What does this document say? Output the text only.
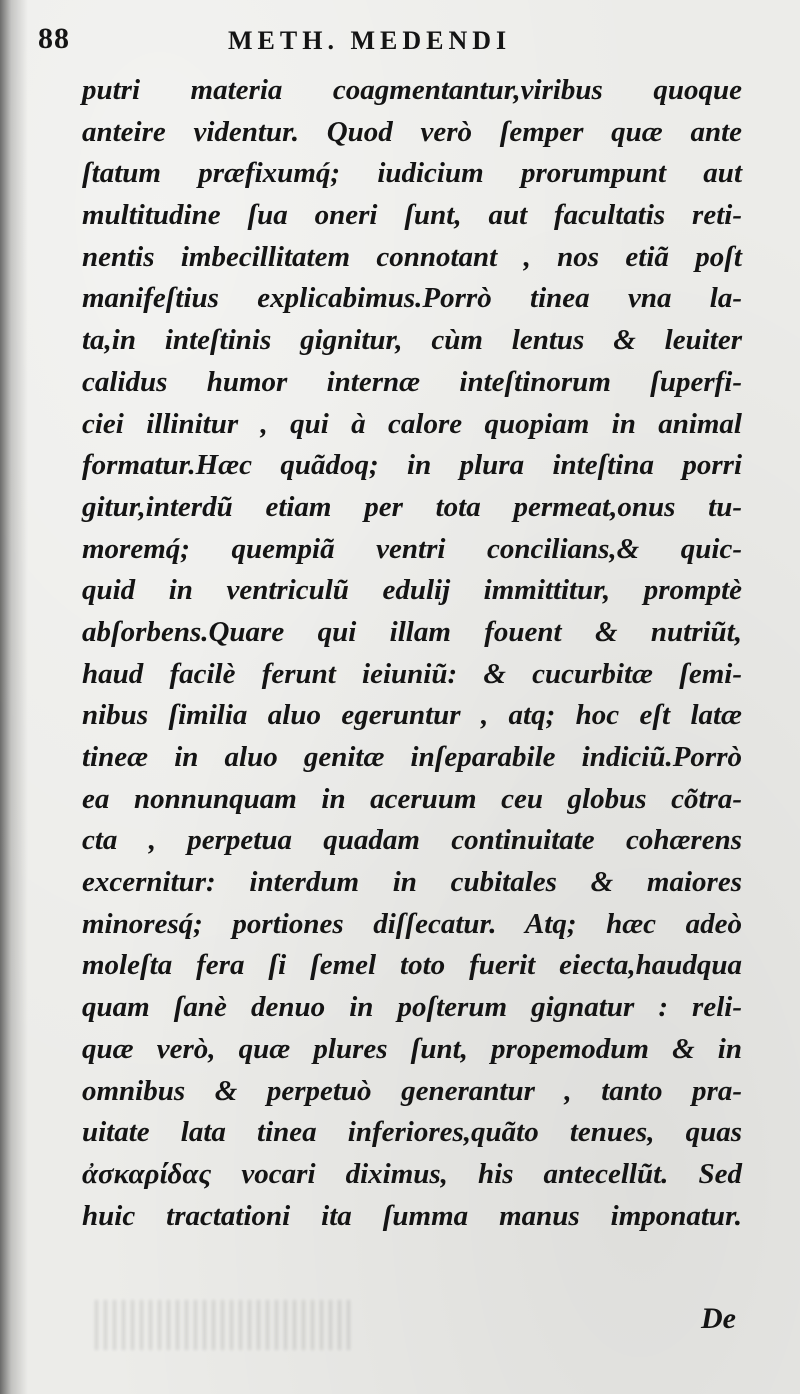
88	METH. MEDENDI
putri materia coagmentantur,viribus quoque
anteire videntur. Quod verò ſemper quæ ante
ſtatum præfixumq́; iudicium prorumpunt aut
multitudine ſua oneri ſunt, aut facultatis reti-
nentis imbecillitatem connotant , nos etiã poſt
manifeſtius explicabimus.Porrò tinea vna la-
ta,in inteſtinis gignitur, cùm lentus & leuiter
calidus humor internæ inteſtinorum ſuperfi-
ciei illinitur , qui à calore quopiam in animal
formatur.Hæc quãdoq; in plura inteſtina porri
gitur,interdũ etiam per tota permeat,onus tu-
moremq́; quempiã ventri concilians,& quic-
quid in ventriculũ edulij immittitur, promptè
abſorbens.Quare qui illam fouent & nutriũt,
haud facilè ferunt ieiuniũ: & cucurbitæ ſemi-
nibus ſimilia aluo egeruntur , atq; hoc eſt latæ
tineæ in aluo genitæ inſeparabile indiciũ.Porrò
ea nonnunquam in aceruum ceu globus cõtra-
cta , perpetua quadam continuitate cohærens
excernitur: interdum in cubitales & maiores
minoresq́; portiones diſſecatur. Atq; hæc adeò
moleſta fera ſi ſemel toto fuerit eiecta,haudqua
quam ſanè denuo in poſterum gignatur : reli-
quæ verò, quæ plures ſunt, propemodum & in
omnibus & perpetuò generantur , tanto pra-
uitate lata tinea inferiores,quãto tenues, quas
ἀσκαρίδας vocari diximus, his antecellũt. Sed
huic tractationi ita ſumma manus imponatur.
De
